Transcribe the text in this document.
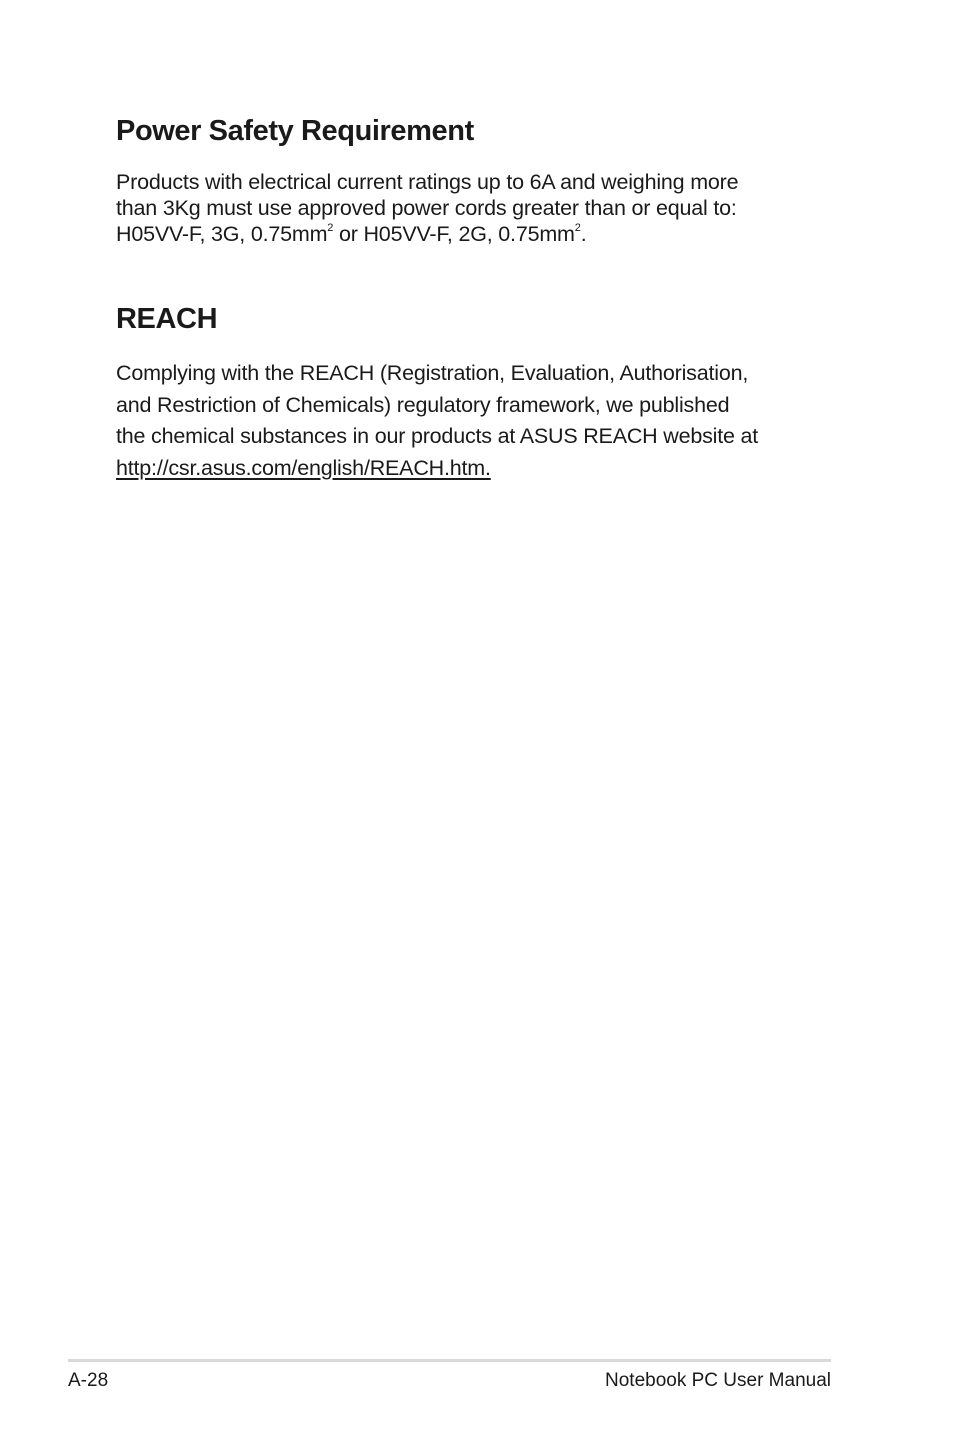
Power Safety Requirement

Products with electrical current ratings up to 6A and weighing more

than 3Kg must use approved power cords greater than or equal to:

H05VV-F, 3G, $0.75mm^2$ or H05VV-F, 2G, $0.75mm^2$.

REACH

Complying with the REACH (Registration, Evaluation, Authorisation,

and Restriction of Chemicals) regulatory framework, we published

the chemical substances in our products at ASUS REACH website at

http://csr.asus.com/english/REACH.htm.

A-28	Notebook PC User Manual
